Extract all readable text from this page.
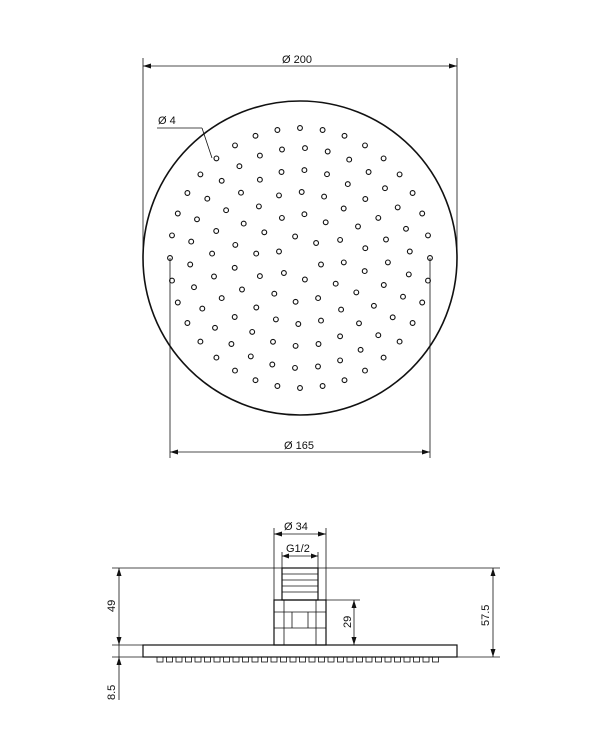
Ø 200
Ø 165
Ø 4
Ø 34
G1/2
49
8.5
29	57.5
